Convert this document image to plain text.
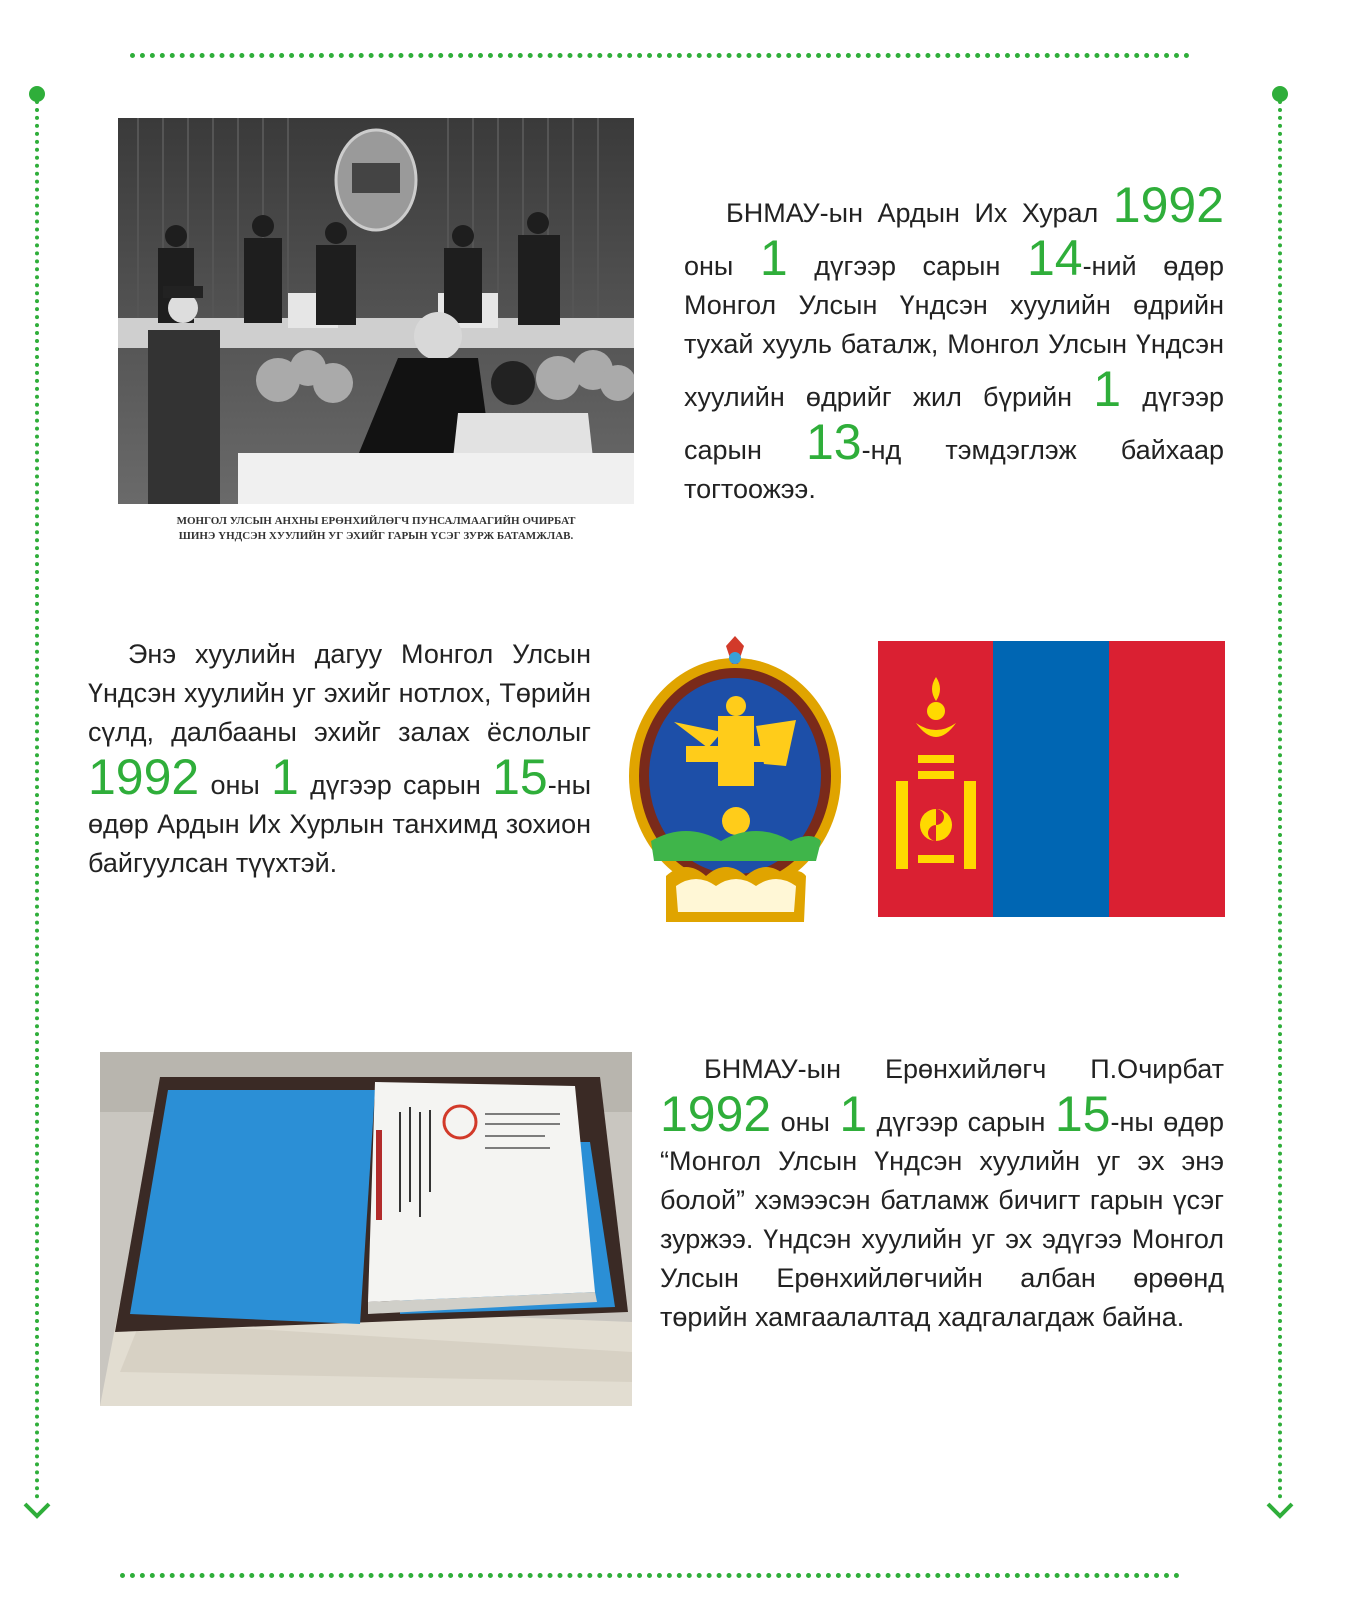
МОНГОЛ УЛСЫН АНХНЫ ЕРӨНХИЙЛӨГЧ ПУНСАЛМААГИЙН ОЧИРБАТ
ШИНЭ ҮНДСЭН ХУУЛИЙН УГ ЭХИЙГ ГАРЫН ҮСЭГ ЗУРЖ БАТАМЖЛАВ.
БНМАУ-ын Ардын Их Хурал 1992 оны 1 дүгээр сарын 14-ний өдөр Монгол Улсын Үндсэн хуулийн өдрийн тухай хууль баталж, Монгол Улсын Үндсэн хуулийн өдрийг жил бүрийн 1 дүгээр сарын 13-нд тэмдэглэж байхаар тогтоожээ.
Энэ хуулийн дагуу Монгол Улсын Үндсэн хуулийн уг эхийг нотлох, Төрийн сүлд, далбааны эхийг залах ёслолыг 1992 оны 1 дүгээр сарын 15-ны өдөр Ардын Их Хурлын танхимд зохион байгуулсан түүхтэй.
БНМАУ-ын Ерөнхийлөгч П.Очирбат 1992 оны 1 дүгээр сарын 15-ны өдөр “Монгол Улсын Үндсэн хуулийн уг эх энэ болой” хэмээсэн батламж бичигт гарын үсэг зуржээ. Үндсэн хуулийн уг эх эдүгээ Монгол Улсын Ерөнхийлөгчийн албан өрөөнд төрийн хамгаалалтад хадгалагдаж байна.
